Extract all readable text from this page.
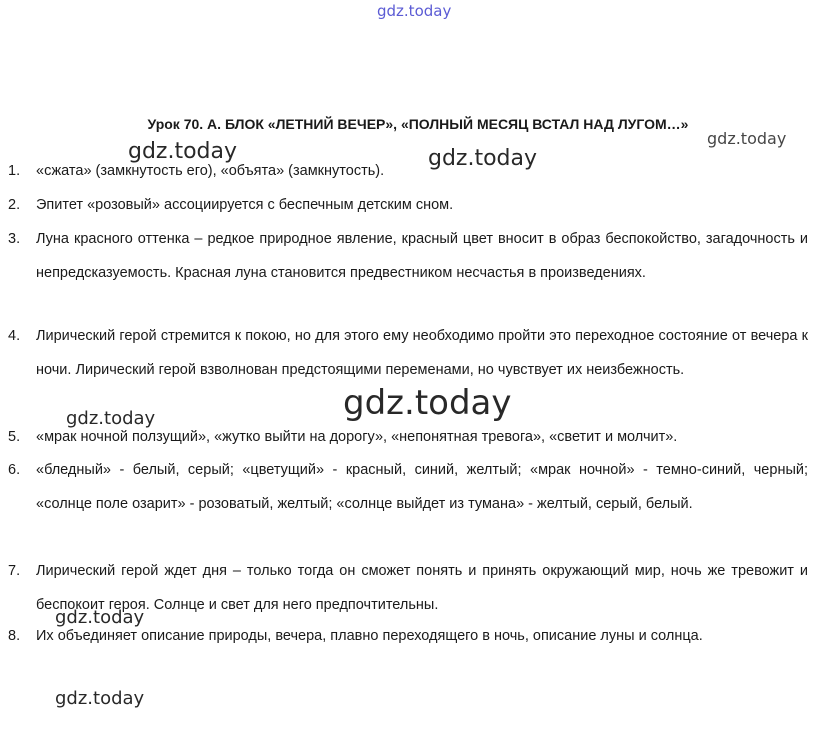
gdz.today
Урок 70. А. БЛОК «ЛЕТНИЙ ВЕЧЕР», «ПОЛНЫЙ МЕСЯЦ ВСТАЛ НАД ЛУГОМ…»
gdz.today
1.	«сжата» (замкнутость его), «объята» (замкнутость).
2.	Эпитет «розовый» ассоциируется с беспечным детским сном.
3.	Луна красного оттенка – редкое природное явление, красный цвет вносит в образ беспокойство, загадочность и непредсказуемость. Красная луна становится предвестником несчастья в произведениях.
4.	Лирический герой стремится к покою, но для этого ему необходимо пройти это переходное состояние от вечера к ночи. Лирический герой взволнован предстоящими переменами, но чувствует их неизбежность.
5.	«мрак ночной ползущий», «жутко выйти на дорогу», «непонятная тревога», «светит и молчит».
6.	«бледный» - белый, серый; «цветущий» - красный, синий, желтый; «мрак ночной» - темно-синий, черный; «солнце поле озарит» - розоватый, желтый; «солнце выйдет из тумана» - желтый, серый, белый.
7.	Лирический герой ждет дня – только тогда он сможет понять и принять окружающий мир, ночь же тревожит и беспокоит героя. Солнце и свет для него предпочтительны.
8.	Их объединяет описание природы, вечера, плавно переходящего в ночь, описание луны и солнца.
gdz.today	gdz.today
gdz.today
gdz.today
gdz.today
gdz.today
